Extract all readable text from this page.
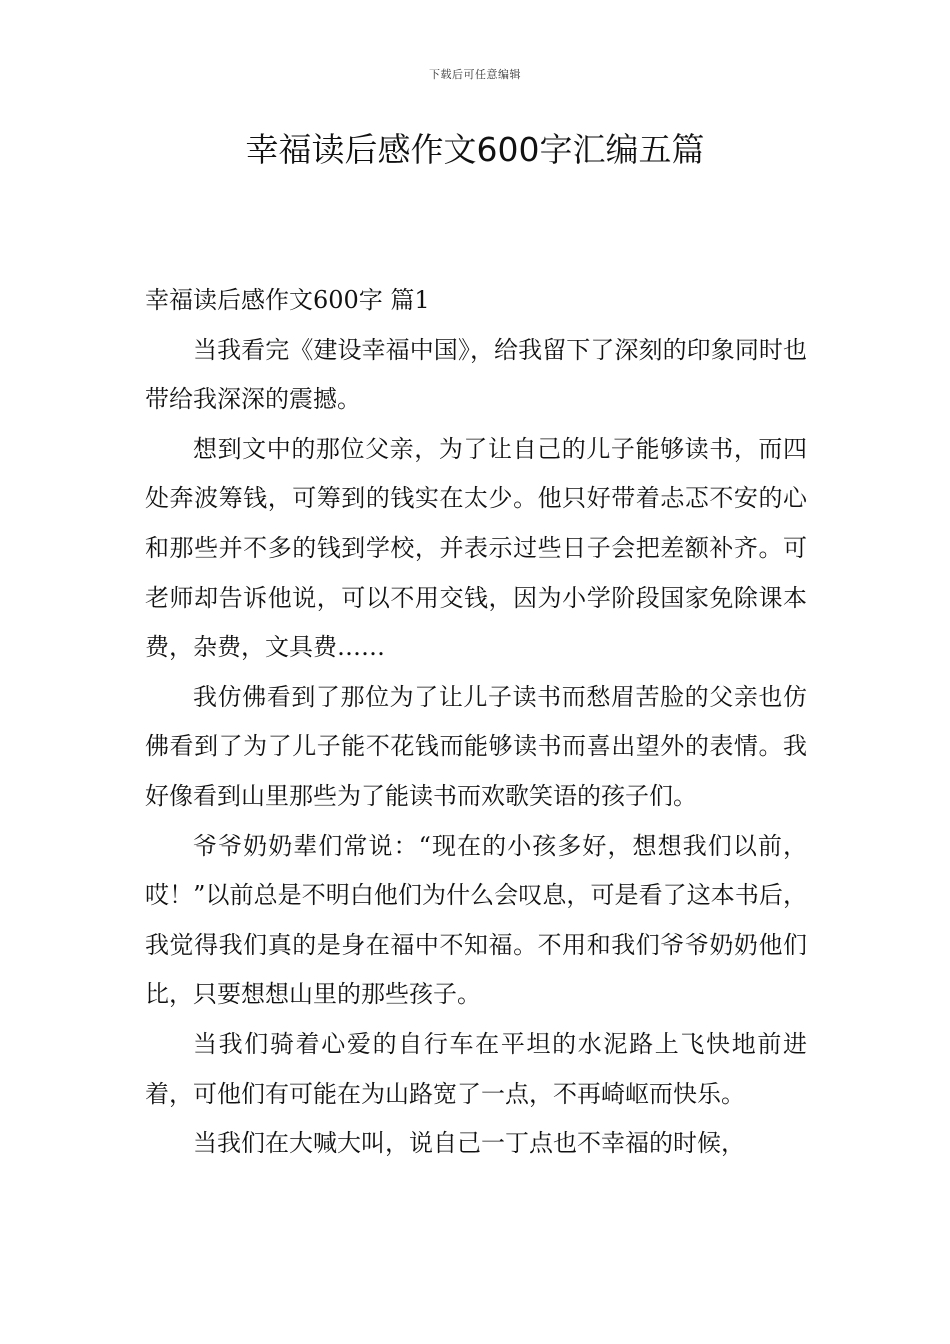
下载后可任意编辑
幸福读后感作文600字汇编五篇

幸福读后感作文600字 篇1

当我看完《建设幸福中国》，给我留下了深刻的印象同时也带给我深深的震撼。

想到文中的那位父亲，为了让自己的儿子能够读书，而四处奔波筹钱，可筹到的钱实在太少。他只好带着忐忑不安的心和那些并不多的钱到学校，并表示过些日子会把差额补齐。可老师却告诉他说，可以不用交钱，因为小学阶段国家免除课本费，杂费，文具费……

我仿佛看到了那位为了让儿子读书而愁眉苦脸的父亲也仿佛看到了为了儿子能不花钱而能够读书而喜出望外的表情。我好像看到山里那些为了能读书而欢歌笑语的孩子们。

爷爷奶奶辈们常说：“现在的小孩多好，想想我们以前，哎！”以前总是不明白他们为什么会叹息，可是看了这本书后，我觉得我们真的是身在福中不知福。不用和我们爷爷奶奶他们比，只要想想山里的那些孩子。

当我们骑着心爱的自行车在平坦的水泥路上飞快地前进着，可他们有可能在为山路宽了一点，不再崎岖而快乐。

当我们在大喊大叫，说自己一丁点也不幸福的时候，
